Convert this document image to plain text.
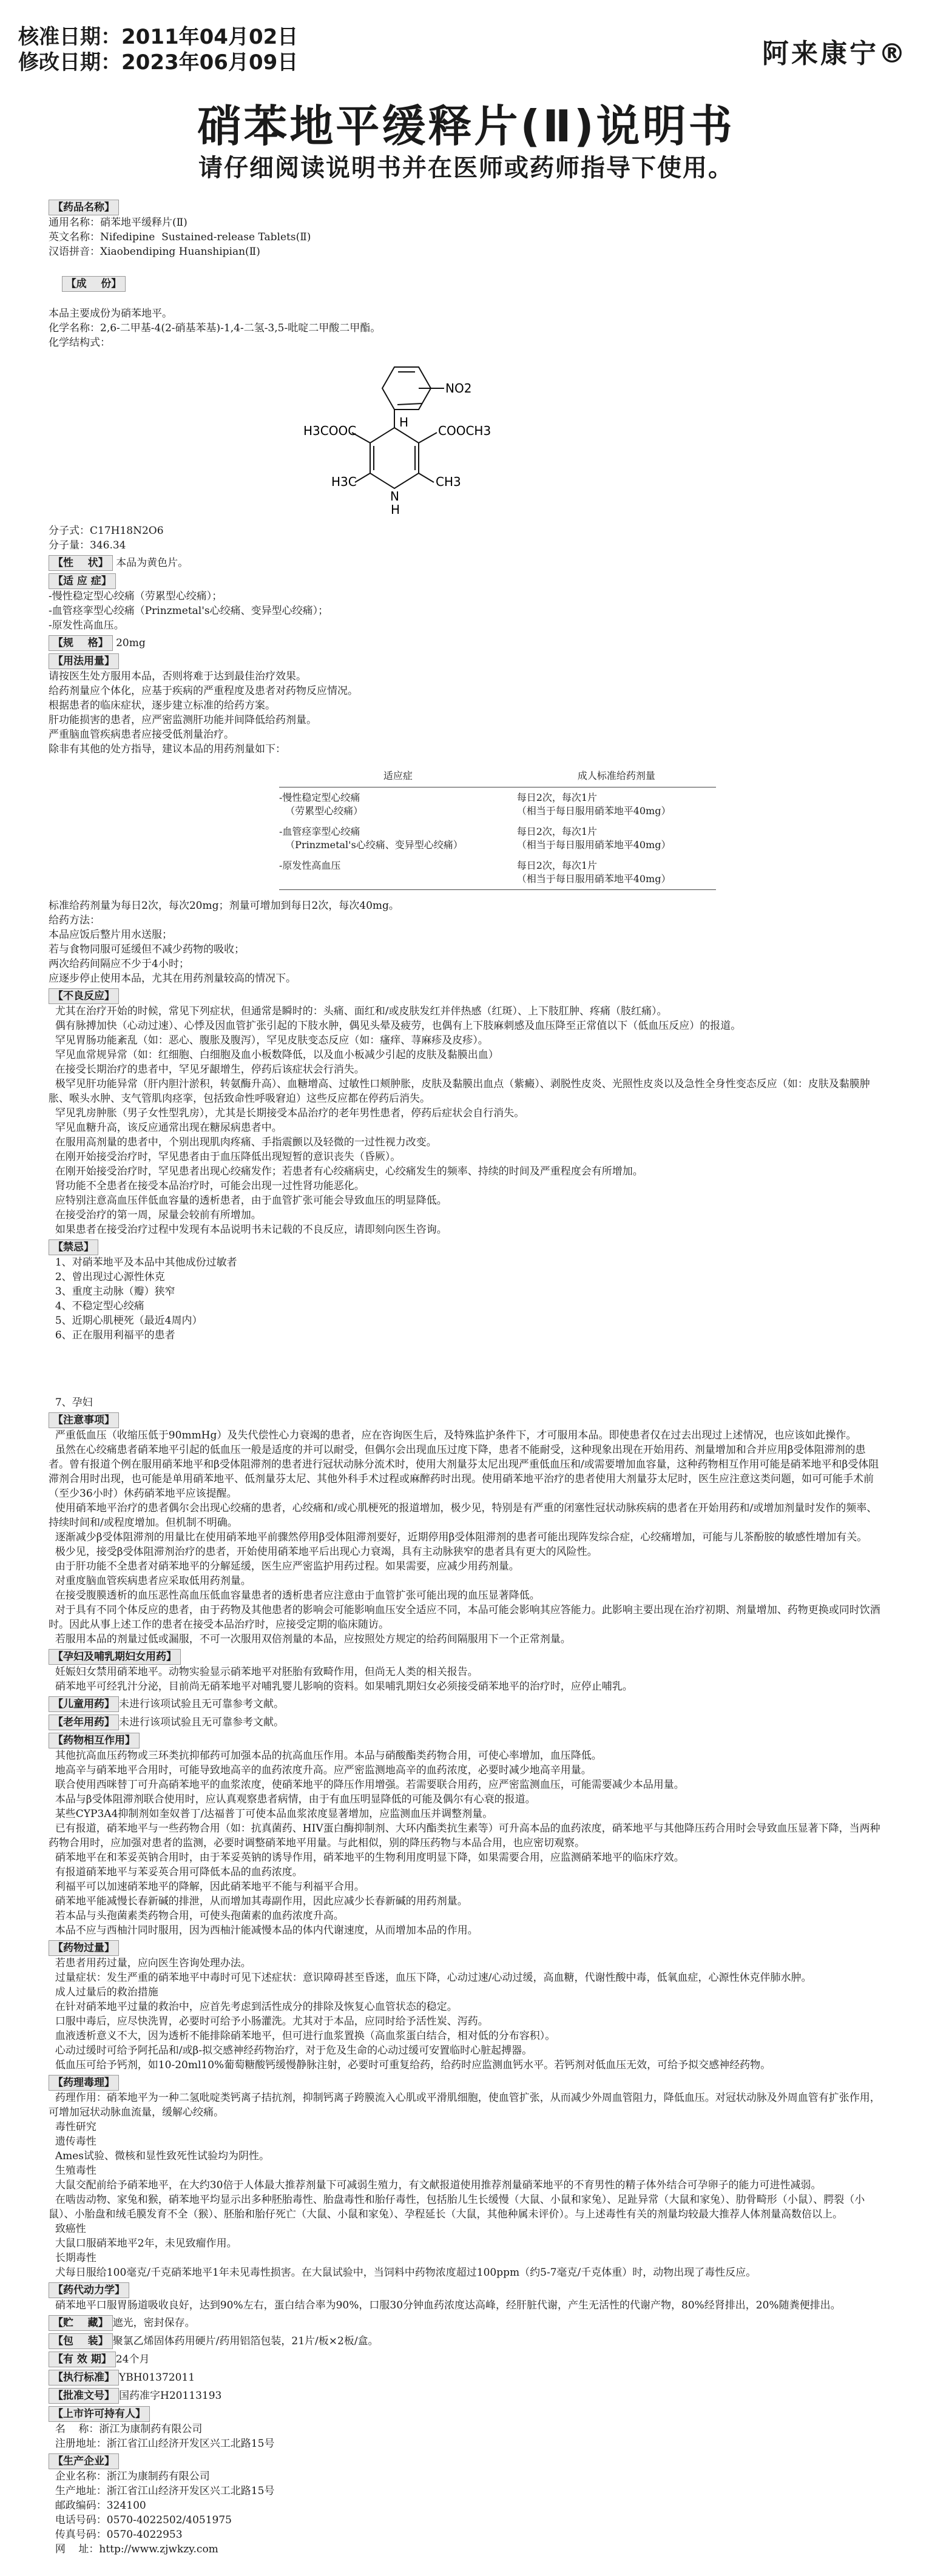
核准日期：2011年04月02日
修改日期：2023年06月09日	阿来康宁®
硝苯地平缓释片(Ⅱ)说明书
请仔细阅读说明书并在医师或药师指导下使用。
【药品名称】

通用名称：硝苯地平缓释片(Ⅱ)

英文名称：Nifedipine  Sustained-release Tablets(Ⅱ)

汉语拼音：Xiaobendiping Huanshipian(Ⅱ)

【成    份】

本品主要成份为硝苯地平。

化学名称：2,6-二甲基-4(2-硝基苯基)-1,4-二氢-3,5-吡啶二甲酸二甲酯。

化学结构式：

NO2
H
H3COOC	COOCH3
H3C
N
CH3
H

分子式：C17H18N2O6

分子量：346.34

【性    状】 本品为黄色片。

【适 应 症】

-慢性稳定型心绞痛（劳累型心绞痛）；

-血管痉挛型心绞痛（Prinzmetal's心绞痛、变异型心绞痛）；

-原发性高血压。

【规    格】 20mg

【用法用量】

请按医生处方服用本品，否则将难于达到最佳治疗效果。

给药剂量应个体化，应基于疾病的严重程度及患者对药物反应情况。

根据患者的临床症状，逐步建立标准的给药方案。

肝功能损害的患者，应严密监测肝功能并间降低给药剂量。

严重脑血管疾病患者应接受低剂量治疗。

除非有其他的处方指导，建议本品的用药剂量如下：

适应症	成人标准给药剂量
-慢性稳定型心绞痛
（劳累型心绞痛）	每日2次，每次1片
（相当于每日服用硝苯地平40mg）
-血管痉挛型心绞痛
（Prinzmetal's心绞痛、变异型心绞痛）	每日2次，每次1片
（相当于每日服用硝苯地平40mg）
-原发性高血压	每日2次，每次1片
（相当于每日服用硝苯地平40mg）

标准给药剂量为每日2次，每次20mg；剂量可增加到每日2次，每次40mg。

给药方法：

本品应饭后整片用水送服；

若与食物同服可延缓但不减少药物的吸收；

两次给药间隔应不少于4小时；

应逐步停止使用本品，尤其在用药剂量较高的情况下。

【不良反应】

尤其在治疗开始的时候，常见下列症状，但通常是瞬时的：头痛、面红和/或皮肤发红并伴热感（红斑）、上下肢肛肿、疼痛（肢红痛）。

偶有脉搏加快（心动过速）、心悸及因血管扩张引起的下肢水肿，偶见头晕及疲劳，也偶有上下肢麻刺感及血压降至正常值以下（低血压反应）的报道。

罕见胃肠功能紊乱（如：恶心、腹胀及腹泻），罕见皮肤变态反应（如：瘙痒、荨麻疹及皮疹）。

罕见血常规异常（如：红细胞、白细胞及血小板数降低，以及血小板减少引起的皮肤及黏膜出血）

在接受长期治疗的患者中，罕见牙龈增生，停药后该症状会行消失。

极罕见肝功能异常（肝内胆汁淤积，转氨酶升高）、血糖增高、过敏性口颊肿胀，皮肤及黏膜出血点（紫癜）、剥脱性皮炎、光照性皮炎以及急性全身性变态反应（如：皮肤及黏膜肿胀、喉头水肿、支气管肌肉痉挛，包括致命性呼吸窘迫）这些反应都在停药后消失。

罕见乳房肿胀（男子女性型乳房），尤其是长期接受本品治疗的老年男性患者，停药后症状会自行消失。

罕见血糖升高，该反应通常出现在糖尿病患者中。

在服用高剂量的患者中，个别出现肌肉疼痛、手指震颤以及轻微的一过性视力改变。

在刚开始接受治疗时，罕见患者由于血压降低出现短暂的意识丧失（昏厥）。

在刚开始接受治疗时，罕见患者出现心绞痛发作；若患者有心绞痛病史，心绞痛发生的频率、持续的时间及严重程度会有所增加。

肾功能不全患者在接受本品治疗时，可能会出现一过性肾功能恶化。

应特别注意高血压伴低血容量的透析患者，由于血管扩张可能会导致血压的明显降低。

在接受治疗的第一周，尿量会较前有所增加。

如果患者在接受治疗过程中发现有本品说明书未记载的不良反应，请即刻向医生咨询。

【禁忌】

1、对硝苯地平及本品中其他成份过敏者

2、曾出现过心源性休克

3、重度主动脉（瓣）狭窄

4、不稳定型心绞痛

5、近期心肌梗死（最近4周内）

6、正在服用利福平的患者

7、孕妇

【注意事项】

严重低血压（收缩压低于90mmHg）及失代偿性心力衰竭的患者，应在咨询医生后，及特殊监护条件下，才可服用本品。即使患者仅在过去出现过上述情况，也应该如此操作。

虽然在心绞痛患者硝苯地平引起的低血压一般是适度的并可以耐受，但偶尔会出现血压过度下降，患者不能耐受，这种现象出现在开始用药、剂量增加和合并应用β受体阻滞剂的患者。曾有报道个例在服用硝苯地平和β受体阻滞剂的患者进行冠状动脉分流术时，使用大剂量芬太尼出现严重低血压和/或需要增加血容量，这种药物相互作用可能是硝苯地平和β受体阻滞剂合用时出现，也可能是单用硝苯地平、低剂量芬太尼、其他外科手术过程或麻醉药时出现。使用硝苯地平治疗的患者使用大剂量芬太尼时，医生应注意这类问题，如可可能手术前（至少36小时）休药硝苯地平应该提醒。

使用硝苯地平治疗的患者偶尔会出现心绞痛的患者，心绞痛和/或心肌梗死的报道增加，极少见，特别是有严重的闭塞性冠状动脉疾病的患者在开始用药和/或增加剂量时发作的频率、持续时间和/或程度增加。但机制不明确。

逐渐减少β受体阻滞剂的用量比在使用硝苯地平前骤然停用β受体阻滞剂要好，近期停用β受体阻滞剂的患者可能出现阵发综合症，心绞痛增加，可能与儿茶酚胺的敏感性增加有关。

极少见，接受β受体阻滞剂治疗的患者，开始使用硝苯地平后出现心力衰竭，具有主动脉狭窄的患者具有更大的风险性。

由于肝功能不全患者对硝苯地平的分解延缓，医生应严密监护用药过程。如果需要，应减少用药剂量。

对重度脑血管疾病患者应采取低用药剂量。

在接受腹膜透析的血压恶性高血压低血容量患者的透析患者应注意由于血管扩张可能出现的血压显著降低。

对于具有不同个体反应的患者，由于药物及其他患者的影响会可能影响血压安全适应不同，本品可能会影响其应答能力。此影响主要出现在治疗初期、剂量增加、药物更换或同时饮酒时。因此从事上述工作的患者在接受本品治疗时，应接受定期的临床随访。

若服用本品的剂量过低或漏服，不可一次服用双倍剂量的本品，应按照处方规定的给药间隔服用下一个正常剂量。

【孕妇及哺乳期妇女用药】

妊娠妇女禁用硝苯地平。动物实验显示硝苯地平对胚胎有致畸作用，但尚无人类的相关报告。

硝苯地平可经乳汁分泌，目前尚无硝苯地平对哺乳婴儿影响的资料。如果哺乳期妇女必须接受硝苯地平的治疗时，应停止哺乳。

【儿童用药】 未进行该项试验且无可靠参考文献。

【老年用药】 未进行该项试验且无可靠参考文献。

【药物相互作用】

其他抗高血压药物或三环类抗抑郁药可加强本品的抗高血压作用。本品与硝酸酯类药物合用，可使心率增加，血压降低。

地高辛与硝苯地平合用时，可能导致地高辛的血药浓度升高。应严密监测地高辛的血药浓度，必要时减少地高辛用量。

联合使用西咪替丁可升高硝苯地平的血浆浓度，使硝苯地平的降压作用增强。若需要联合用药，应严密监测血压，可能需要减少本品用量。

本品与β受体阻滞剂联合使用时，应认真观察患者病情，由于有血压明显降低的可能及偶尔有心衰的报道。

某些CYP3A4抑制剂如奎奴普丁/达福普丁可使本品血浆浓度显著增加，应监测血压并调整剂量。

已有报道，硝苯地平与一些药物合用（如：抗真菌药、HIV蛋白酶抑制剂、大环内酯类抗生素等）可升高本品的血药浓度，硝苯地平与其他降压药合用时会导致血压显著下降，当两种药物合用时，应加强对患者的监测，必要时调整硝苯地平用量。与此相似，别的降压药物与本品合用，也应密切观察。

硝苯地平在和苯妥英钠合用时，由于苯妥英钠的诱导作用，硝苯地平的生物利用度明显下降，如果需要合用，应监测硝苯地平的临床疗效。

有报道硝苯地平与苯妥英合用可降低本品的血药浓度。

利福平可以加速硝苯地平的降解，因此硝苯地平不能与利福平合用。

硝苯地平能减慢长春新碱的排泄，从而增加其毒副作用，因此应减少长春新碱的用药剂量。

若本品与头孢菌素类药物合用，可使头孢菌素的血药浓度升高。

本品不应与西柚汁同时服用，因为西柚汁能减慢本品的体内代谢速度，从而增加本品的作用。

【药物过量】

若患者用药过量，应向医生咨询处理办法。

过量症状：发生严重的硝苯地平中毒时可见下述症状：意识障碍甚至昏迷，血压下降，心动过速/心动过缓，高血糖，代谢性酸中毒，低氧血症，心源性休克伴肺水肿。

成人过量后的救治措施

在针对硝苯地平过量的救治中，应首先考虑到活性成分的排除及恢复心血管状态的稳定。

口服中毒后，应尽快洗胃，必要时可给予小肠灌洗。尤其对于本品，应同时给予活性炭、泻药。

血液透析意义不大，因为透析不能排除硝苯地平，但可进行血浆置换（高血浆蛋白结合，相对低的分布容积）。

心动过缓时可给予阿托品和/或β-拟交感神经药物治疗，对于危及生命的心动过缓可安置临时心脏起搏器。

低血压可给予钙剂，如10-20ml10%葡萄糖酸钙缓慢静脉注射，必要时可重复给药，给药时应监测血钙水平。若钙剂对低血压无效，可给予拟交感神经药物。

【药理毒理】

药理作用：硝苯地平为一种二氢吡啶类钙离子拮抗剂，抑制钙离子跨膜流入心肌或平滑肌细胞，使血管扩张，从而减少外周血管阻力，降低血压。对冠状动脉及外周血管有扩张作用，可增加冠状动脉血流量，缓解心绞痛。

毒性研究

遗传毒性

Ames试验、微核和显性致死性试验均为阴性。

生殖毒性

大鼠交配前给予硝苯地平，在大约30倍于人体最大推荐剂量下可减弱生殖力，有文献报道使用推荐剂量硝苯地平的不育男性的精子体外结合可孕卵子的能力可进性减弱。

在啮齿动物、家兔和猴，硝苯地平均显示出多种胚胎毒性、胎盘毒性和胎仔毒性，包括胎儿生长缓慢（大鼠、小鼠和家兔）、足趾异常（大鼠和家兔）、肋骨畸形（小鼠）、腭裂（小鼠）、小胎盘和绒毛膜发育不全（猴）、胚胎和胎仔死亡（大鼠、小鼠和家兔）、孕程延长（大鼠，其他种属未评价）。与上述毒性有关的剂量均较最大推荐人体剂量高数倍以上。

致癌性

大鼠口服硝苯地平2年，未见致瘤作用。

长期毒性

犬每日服给100毫克/千克硝苯地平1年未见毒性损害。在大鼠试验中，当饲料中药物浓度超过100ppm（约5-7毫克/千克体重）时，动物出现了毒性反应。

【药代动力学】

硝苯地平口服胃肠道吸收良好，达到90%左右，蛋白结合率为90%，口服30分钟血药浓度达高峰，经肝脏代谢，产生无活性的代谢产物，80%经肾排出，20%随粪便排出。

【贮    藏】 遮光，密封保存。

【包    装】 聚氯乙烯固体药用硬片/药用铝箔包装，21片/板×2板/盒。

【有 效 期】 24个月

【执行标准】 YBH01372011

【批准文号】 国药准字H20113193

【上市许可持有人】

名    称：浙江为康制药有限公司

注册地址：浙江省江山经济开发区兴工北路15号

【生产企业】

企业名称：浙江为康制药有限公司

生产地址：浙江省江山经济开发区兴工北路15号

邮政编码：324100

电话号码：0570-4022502/4051975

传真号码：0570-4022953

网    址：http://www.zjwkzy.com
